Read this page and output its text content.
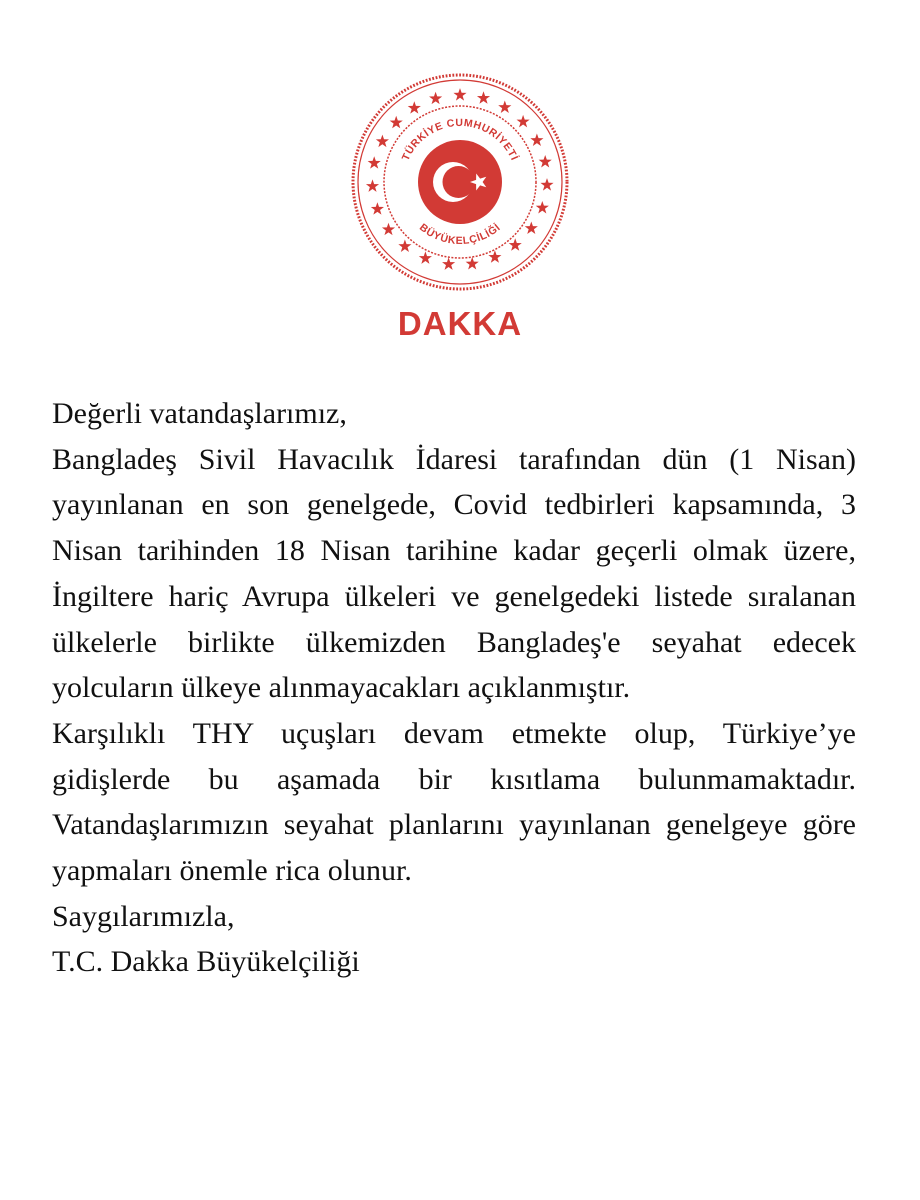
TÜRKİYE CUMHURİYETİ
BÜYÜKELÇİLİĞİ
DAKKA

Değerli vatandaşlarımız,

Bangladeş Sivil Havacılık İdaresi tarafından dün (1 Nisan) yayınlanan en son genelgede, Covid tedbirleri kapsamında, 3 Nisan tarihinden 18 Nisan tarihine kadar geçerli olmak üzere, İngiltere hariç Avrupa ülkeleri ve genelgedeki listede sıralanan ülkelerle birlikte ülkemizden Bangladeş'e seyahat edecek yolcuların ülkeye alınmayacakları açıklanmıştır.

Karşılıklı THY uçuşları devam etmekte olup, Türkiye’ye gidişlerde bu aşamada bir kısıtlama bulunmamaktadır. Vatandaşlarımızın seyahat planlarını yayınlanan genelgeye göre yapmaları önemle rica olunur.

Saygılarımızla,

T.C. Dakka Büyükelçiliği
